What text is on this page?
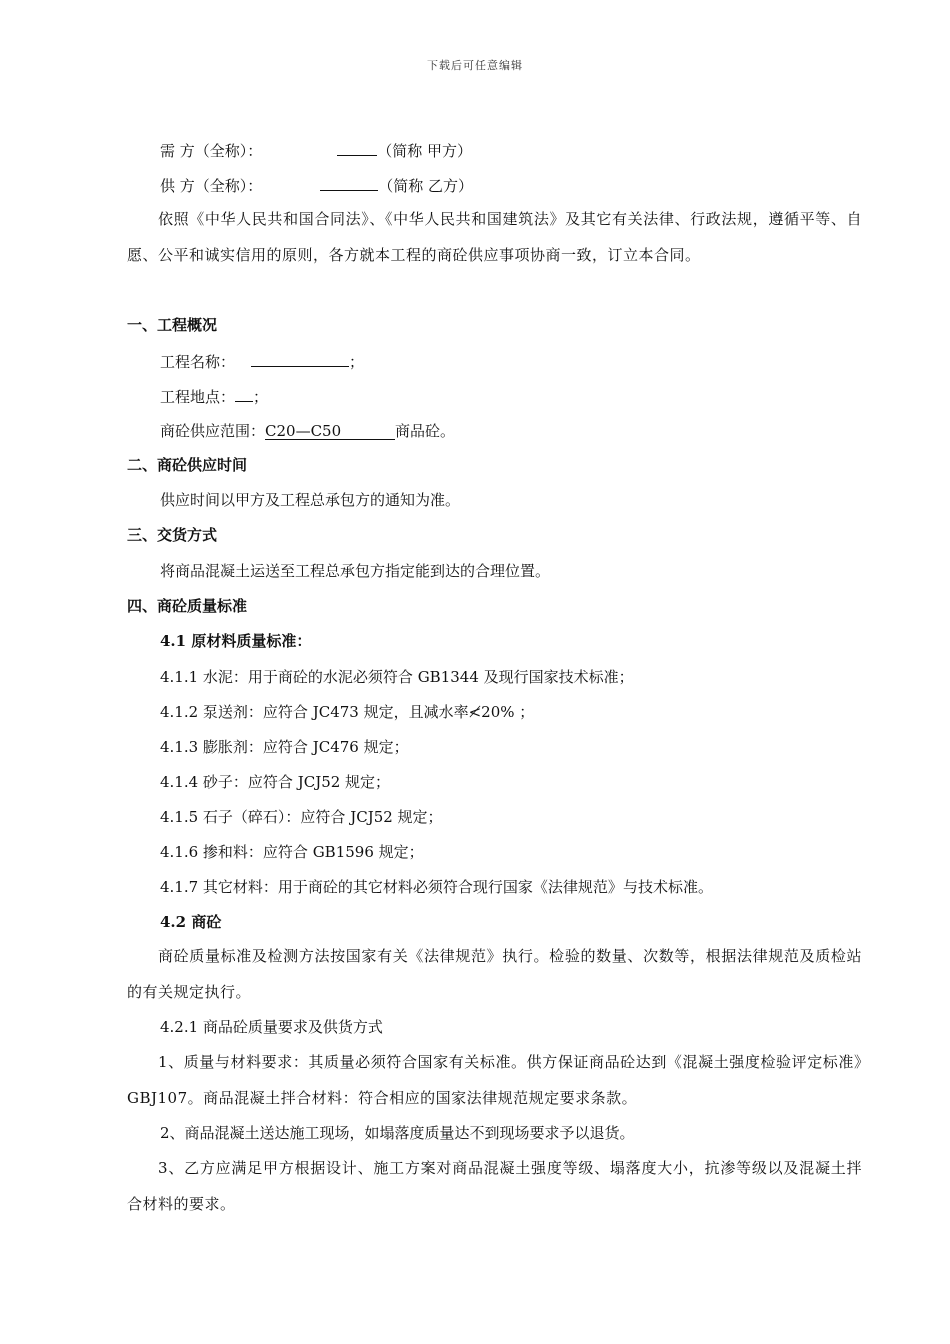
下载后可任意编辑
需 方（全称）：	（简称 甲方）
供 方（全称）：	（简称 乙方）
依照《中华人民共和国合同法》、《中华人民共和国建筑法》及其它有关法律、行政法规，遵循平等、自愿、公平和诚实信用的原则，各方就本工程的商砼供应事项协商一致，订立本合同。
一、工程概况
工程名称：	；
工程地点： ；
商砼供应范围：C20—C50	商品砼。
二、商砼供应时间
供应时间以甲方及工程总承包方的通知为准。
三、交货方式
将商品混凝土运送至工程总承包方指定能到达的合理位置。
四、商砼质量标准
4.1 原材料质量标准：
4.1.1 水泥：用于商砼的水泥必须符合 GB1344 及现行国家技术标准；
4.1.2 泵送剂：应符合 JC473 规定，且减水率≮20% ；
4.1.3 膨胀剂：应符合 JC476 规定；
4.1.4 砂子：应符合 JCJ52 规定；
4.1.5 石子（碎石）：应符合 JCJ52 规定；
4.1.6 掺和料：应符合 GB1596 规定；
4.1.7 其它材料：用于商砼的其它材料必须符合现行国家《法律规范》与技术标准。
4.2 商砼
商砼质量标准及检测方法按国家有关《法律规范》执行。检验的数量、次数等，根据法律规范及质检站的有关规定执行。
4.2.1 商品砼质量要求及供货方式
1、质量与材料要求：其质量必须符合国家有关标准。供方保证商品砼达到《混凝土强度检验评定标准》GBJ107。商品混凝土拌合材料：符合相应的国家法律规范规定要求条款。
2、商品混凝土送达施工现场，如塌落度质量达不到现场要求予以退货。
3、乙方应满足甲方根据设计、施工方案对商品混凝土强度等级、塌落度大小，抗渗等级以及混凝土拌合材料的要求。
